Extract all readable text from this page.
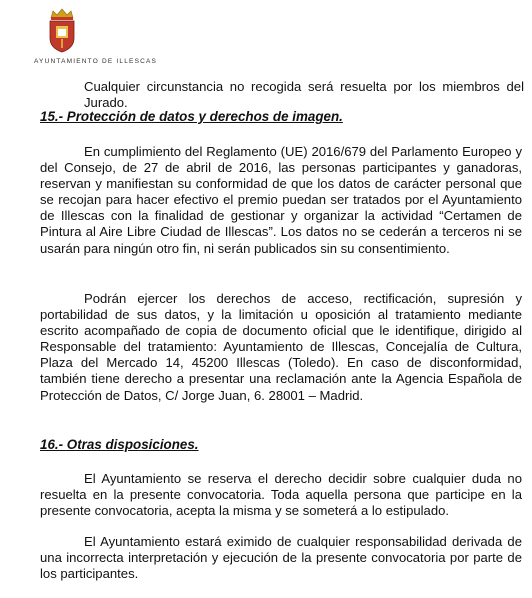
AYUNTAMIENTO DE ILLESCAS

Cualquier circunstancia no recogida será resuelta por los miembros del Jurado.

15.- Protección de datos y derechos de imagen.

En cumplimiento del Reglamento (UE) 2016/679 del Parlamento Europeo y del Consejo, de 27 de abril de 2016, las personas participantes y ganadoras, reservan y manifiestan su conformidad de que los datos de carácter personal que se recojan para hacer efectivo el premio puedan ser tratados por el Ayuntamiento de Illescas con la finalidad de gestionar y organizar la actividad “Certamen de Pintura al Aire Libre Ciudad de Illescas”. Los datos no se cederán a terceros ni se usarán para ningún otro fin, ni serán publicados sin su consentimiento.

Podrán ejercer los derechos de acceso, rectificación, supresión y portabilidad de sus datos, y la limitación u oposición al tratamiento mediante escrito acompañado de copia de documento oficial que le identifique, dirigido al Responsable del tratamiento: Ayuntamiento de Illescas, Concejalía de Cultura, Plaza del Mercado 14, 45200 Illescas (Toledo). En caso de disconformidad, también tiene derecho a presentar una reclamación ante la Agencia Española de Protección de Datos, C/ Jorge Juan, 6. 28001 – Madrid.

16.- Otras disposiciones.

El Ayuntamiento se reserva el derecho decidir sobre cualquier duda no resuelta en la presente convocatoria. Toda aquella persona que participe en la presente convocatoria, acepta la misma y se someterá a lo estipulado.

El Ayuntamiento estará eximido de cualquier responsabilidad derivada de una incorrecta interpretación y ejecución de la presente convocatoria por parte de los participantes.
